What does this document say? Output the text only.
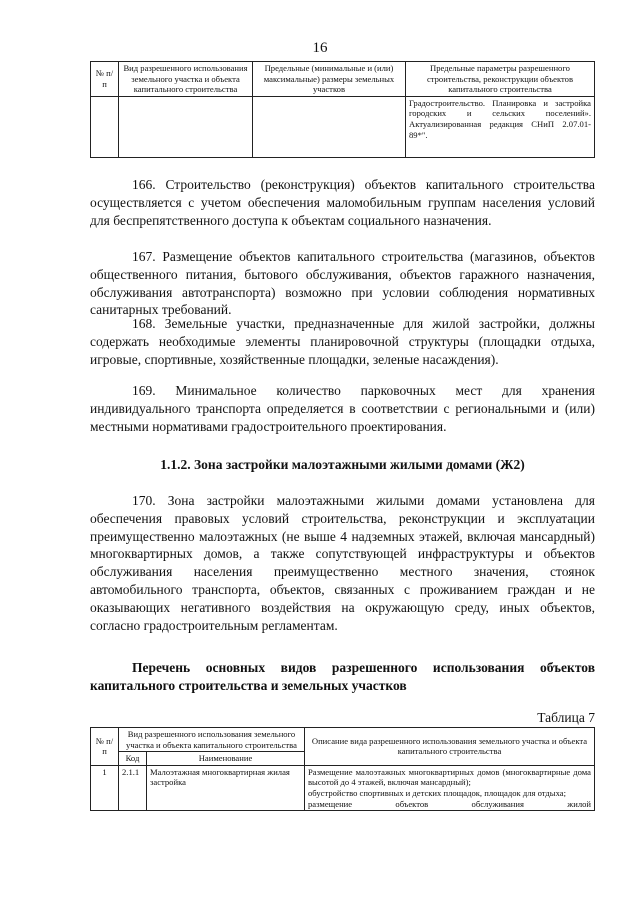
16
№ п/п	Вид разрешенного использования земельного участка и объекта капитального строительства	Предельные (минимальные и (или) максимальные) размеры земельных участков	Предельные параметры разрешенного строительства, реконструкции объектов капитального строительства
			Градостроительство. Планировка и застройка городских и сельских поселений». Актуализированная редакция СНиП 2.07.01-89*".

166. Строительство (реконструкция) объектов капитального строительства осуществляется с учетом обеспечения маломобильным группам населения условий для беспрепятственного доступа к объектам социального назначения.

167. Размещение объектов капитального строительства (магазинов, объектов общественного питания, бытового обслуживания, объектов гаражного назначения, обслуживания автотранспорта) возможно при условии соблюдения нормативных санитарных требований.

168. Земельные участки, предназначенные для жилой застройки, должны содержать необходимые элементы планировочной структуры (площадки отдыха, игровые, спортивные, хозяйственные площадки, зеленые насаждения).

169. Минимальное количество парковочных мест для хранения индивидуального транспорта определяется в соответствии с региональными и (или) местными нормативами градостроительного проектирования.

1.1.2. Зона застройки малоэтажными жилыми домами (Ж2)

170. Зона застройки малоэтажными жилыми домами установлена для обеспечения правовых условий строительства, реконструкции и эксплуатации преимущественно малоэтажных (не выше 4 надземных этажей, включая мансардный) многоквартирных домов, а также сопутствующей инфраструктуры и объектов обслуживания населения преимущественно местного значения, стоянок автомобильного транспорта, объектов, связанных с проживанием граждан и не оказывающих негативного воздействия на окружающую среду, иных объектов, согласно градостроительным регламентам.

Перечень основных видов разрешенного использования объектов капитального строительства и земельных участков

Таблица 7
№ п/п	Вид разрешенного использования земельного участка и объекта капитального строительства		Описание вида разрешенного использования земельного участка и объекта капитального строительства
	Код	Наименование	
1	2.1.1	Малоэтажная многоквартирная жилая застройка	Размещение малоэтажных многоквартирных домов (многоквартирные дома высотой до 4 этажей, включая мансардный);
обустройство спортивных и детских площадок, площадок для отдыха;
размещение объектов обслуживания жилой
